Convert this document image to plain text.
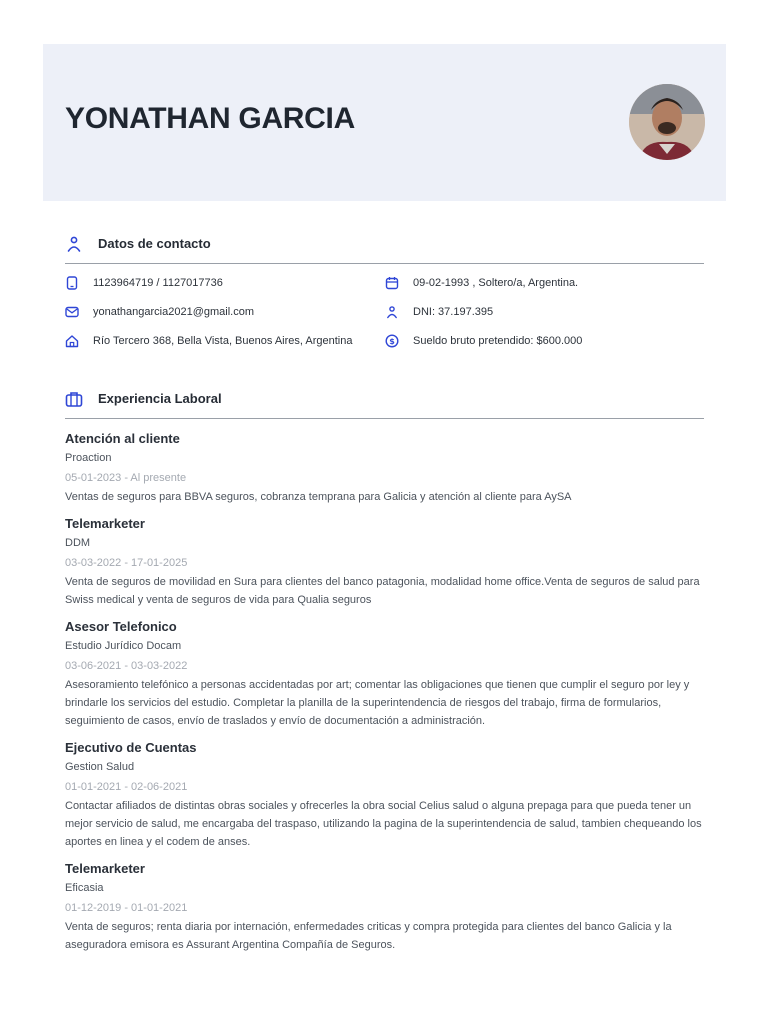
YONATHAN GARCIA
Datos de contacto
1123964719 / 1127017736	09-02-1993 , Soltero/a, Argentina.
yonathangarcia2021@gmail.com	DNI: 37.197.395
Río Tercero 368, Bella Vista, Buenos Aires, Argentina	$ Sueldo bruto pretendido: $600.000
Experiencia Laboral
Atención al cliente
Proaction
05-01-2023 - Al presente
Ventas de seguros para BBVA seguros, cobranza temprana para Galicia y atención al cliente para AySA
Telemarketer
DDM
03-03-2022 - 17-01-2025
Venta de seguros de movilidad en Sura para clientes del banco patagonia, modalidad home office.Venta de seguros de salud para Swiss medical y venta de seguros de vida para Qualia seguros
Asesor Telefonico
Estudio Jurídico Docam
03-06-2021 - 03-03-2022
Asesoramiento telefónico a personas accidentadas por art; comentar las obligaciones que tienen que cumplir el seguro por ley y brindarle los servicios del estudio. Completar la planilla de la superintendencia de riesgos del trabajo, firma de formularios, seguimiento de casos, envío de traslados y envío de documentación a administración.
Ejecutivo de Cuentas
Gestion Salud
01-01-2021 - 02-06-2021
Contactar afiliados de distintas obras sociales y ofrecerles la obra social Celius salud o alguna prepaga para que pueda tener un mejor servicio de salud, me encargaba del traspaso, utilizando la pagina de la superintendencia de salud, tambien chequeando los aportes en linea y el codem de anses.
Telemarketer
Eficasia
01-12-2019 - 01-01-2021
Venta de seguros; renta diaria por internación, enfermedades criticas y compra protegida para clientes del banco Galicia y la aseguradora emisora es Assurant Argentina Compañía de Seguros.
